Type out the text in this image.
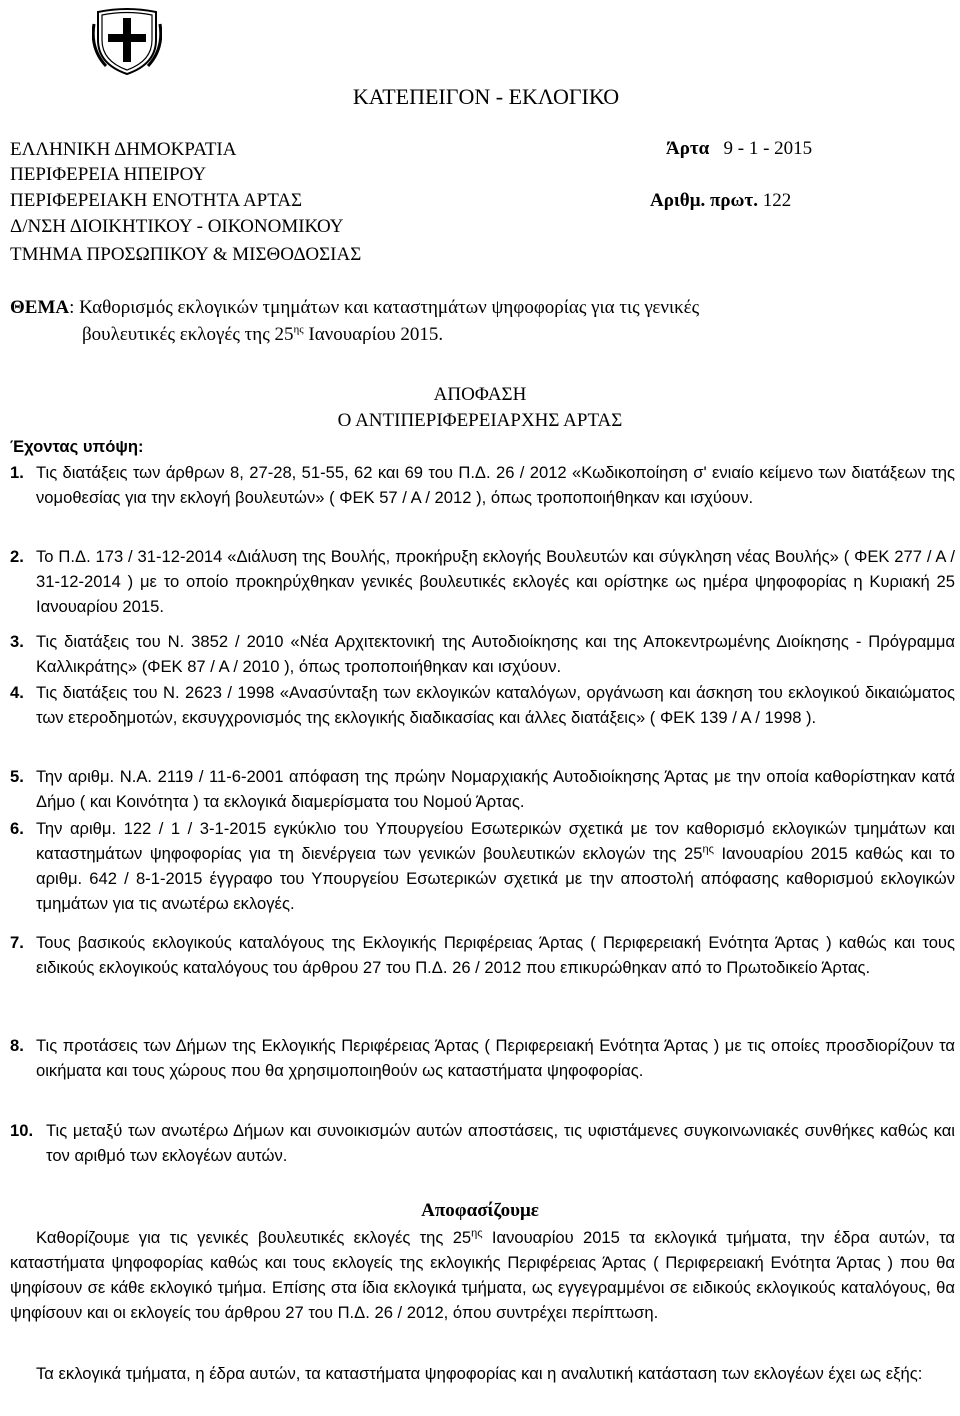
ΚΑΤΕΠΕΙΓΟΝ - ΕΚΛΟΓΙΚΟ
ΕΛΛΗΝΙΚΗ ΔΗΜΟΚΡΑΤΙΑ
ΠΕΡΙΦΕΡΕΙΑ ΗΠΕΙΡΟΥ
ΠΕΡΙΦΕΡΕΙΑΚΗ ΕΝΟΤΗΤΑ ΑΡΤΑΣ
Δ/ΝΣΗ ΔΙΟΙΚΗΤΙΚΟΥ - ΟΙΚΟΝΟΜΙΚΟΥ
ΤΜΗΜΑ ΠΡΟΣΩΠΙΚΟΥ & ΜΙΣΘΟΔΟΣΙΑΣ
Άρτα 9 - 1 - 2015
Αριθμ. πρωτ. 122
ΘΕΜΑ: Καθορισμός εκλογικών τμημάτων και καταστημάτων ψηφοφορίας για τις γενικές
βουλευτικές εκλογές της $25^{\eta\varsigma}$ Ιανουαρίου 2015.
ΑΠΟΦΑΣΗ
Ο ΑΝΤΙΠΕΡΙΦΕΡΕΙΑΡΧΗΣ ΑΡΤΑΣ
Έχοντας υπόψη:
1. Τις διατάξεις των άρθρων 8, 27-28, 51-55, 62 και 69 του Π.Δ. 26 / 2012 «Κωδικοποίηση σ' ενιαίο κείμενο των διατάξεων της νομοθεσίας για την εκλογή βουλευτών» ( ΦΕΚ 57 / Α / 2012 ), όπως τροποποιήθηκαν και ισχύουν.
2. Το Π.Δ. 173 / 31-12-2014 «Διάλυση της Βουλής, προκήρυξη εκλογής Βουλευτών και σύγκληση νέας Βουλής» ( ΦΕΚ 277 / Α / 31-12-2014 ) με το οποίο προκηρύχθηκαν γενικές βουλευτικές εκλογές και ορίστηκε ως ημέρα ψηφοφορίας η Κυριακή 25 Ιανουαρίου 2015.
3. Τις διατάξεις του Ν. 3852 / 2010 «Νέα Αρχιτεκτονική της Αυτοδιοίκησης και της Αποκεντρωμένης Διοίκησης - Πρόγραμμα Καλλικράτης» (ΦΕΚ 87 / Α / 2010 ), όπως τροποποιήθηκαν και ισχύουν.
4. Τις διατάξεις του Ν. 2623 / 1998 «Ανασύνταξη των εκλογικών καταλόγων, οργάνωση και άσκηση του εκλογικού δικαιώματος των ετεροδημοτών, εκσυγχρονισμός της εκλογικής διαδικασίας και άλλες διατάξεις» ( ΦΕΚ 139 / Α / 1998 ).
5. Την αριθμ. Ν.Α. 2119 / 11-6-2001 απόφαση της πρώην Νομαρχιακής Αυτοδιοίκησης Άρτας με την οποία καθορίστηκαν κατά Δήμο ( και Κοινότητα ) τα εκλογικά διαμερίσματα του Νομού Άρτας.
6. Την αριθμ. 122 / 1 / 3-1-2015 εγκύκλιο του Υπουργείου Εσωτερικών σχετικά με τον καθορισμό εκλογικών τμημάτων και καταστημάτων ψηφοφορίας για τη διενέργεια των γενικών βουλευτικών εκλογών της $25^{\eta\varsigma}$ Ιανουαρίου 2015 καθώς και το αριθμ. 642 / 8-1-2015 έγγραφο του Υπουργείου Εσωτερικών σχετικά με την αποστολή απόφασης καθορισμού εκλογικών τμημάτων για τις ανωτέρω εκλογές.
7. Τους βασικούς εκλογικούς καταλόγους της Εκλογικής Περιφέρειας Άρτας ( Περιφερειακή Ενότητα Άρτας ) καθώς και τους ειδικούς εκλογικούς καταλόγους του άρθρου 27 του Π.Δ. 26 / 2012 που επικυρώθηκαν από το Πρωτοδικείο Άρτας.
8. Τις προτάσεις των Δήμων της Εκλογικής Περιφέρειας Άρτας ( Περιφερειακή Ενότητα Άρτας ) με τις οποίες προσδιορίζουν τα οικήματα και τους χώρους που θα χρησιμοποιηθούν ως καταστήματα ψηφοφορίας.
10. Τις μεταξύ των ανωτέρω Δήμων και συνοικισμών αυτών αποστάσεις, τις υφιστάμενες συγκοινωνιακές συνθήκες καθώς και τον αριθμό των εκλογέων αυτών.
Αποφασίζουμε
Καθορίζουμε για τις γενικές βουλευτικές εκλογές της $25^{\eta\varsigma}$ Ιανουαρίου 2015 τα εκλογικά τμήματα, την έδρα αυτών, τα καταστήματα ψηφοφορίας καθώς και τους εκλογείς της εκλογικής Περιφέρειας Άρτας ( Περιφερειακή Ενότητα Άρτας ) που θα ψηφίσουν σε κάθε εκλογικό τμήμα. Επίσης στα ίδια εκλογικά τμήματα, ως εγγεγραμμένοι σε ειδικούς εκλογικούς καταλόγους, θα ψηφίσουν και οι εκλογείς του άρθρου 27 του Π.Δ. 26 / 2012, όπου συντρέχει περίπτωση.
Τα εκλογικά τμήματα, η έδρα αυτών, τα καταστήματα ψηφοφορίας και η αναλυτική κατάσταση των εκλογέων έχει ως εξής:
